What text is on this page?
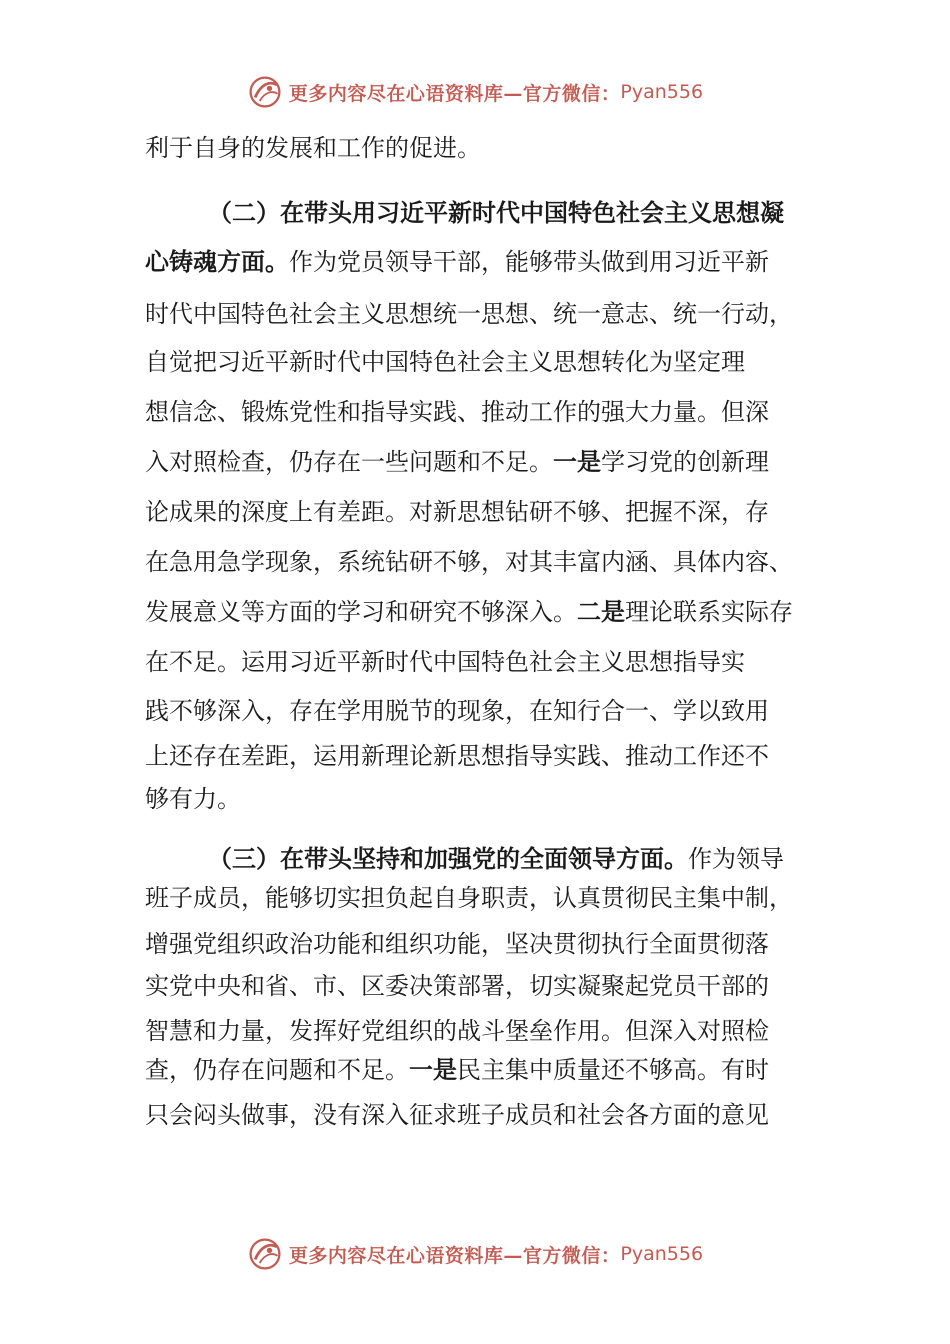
更多内容尽在心语资料库—官方微信： Pyan556
利于自身的发展和工作的促进。
（二）在带头用习近平新时代中国特色社会主义思想凝
心铸魂方面。作为党员领导干部，能够带头做到用习近平新
时代中国特色社会主义思想统一思想、统一意志、统一行动，
自觉把习近平新时代中国特色社会主义思想转化为坚定理
想信念、锻炼党性和指导实践、推动工作的强大力量。但深
入对照检查，仍存在一些问题和不足。一是学习党的创新理
论成果的深度上有差距。对新思想钻研不够、把握不深，存
在急用急学现象，系统钻研不够，对其丰富内涵、具体内容、
发展意义等方面的学习和研究不够深入。二是理论联系实际存
在不足。运用习近平新时代中国特色社会主义思想指导实
践不够深入，存在学用脱节的现象，在知行合一、学以致用
上还存在差距，运用新理论新思想指导实践、推动工作还不
够有力。
（三）在带头坚持和加强党的全面领导方面。作为领导
班子成员，能够切实担负起自身职责，认真贯彻民主集中制，
增强党组织政治功能和组织功能，坚决贯彻执行全面贯彻落
实党中央和省、市、区委决策部署，切实凝聚起党员干部的
智慧和力量，发挥好党组织的战斗堡垒作用。但深入对照检
查，仍存在问题和不足。一是民主集中质量还不够高。有时
只会闷头做事，没有深入征求班子成员和社会各方面的意见
更多内容尽在心语资料库—官方微信： Pyan556
